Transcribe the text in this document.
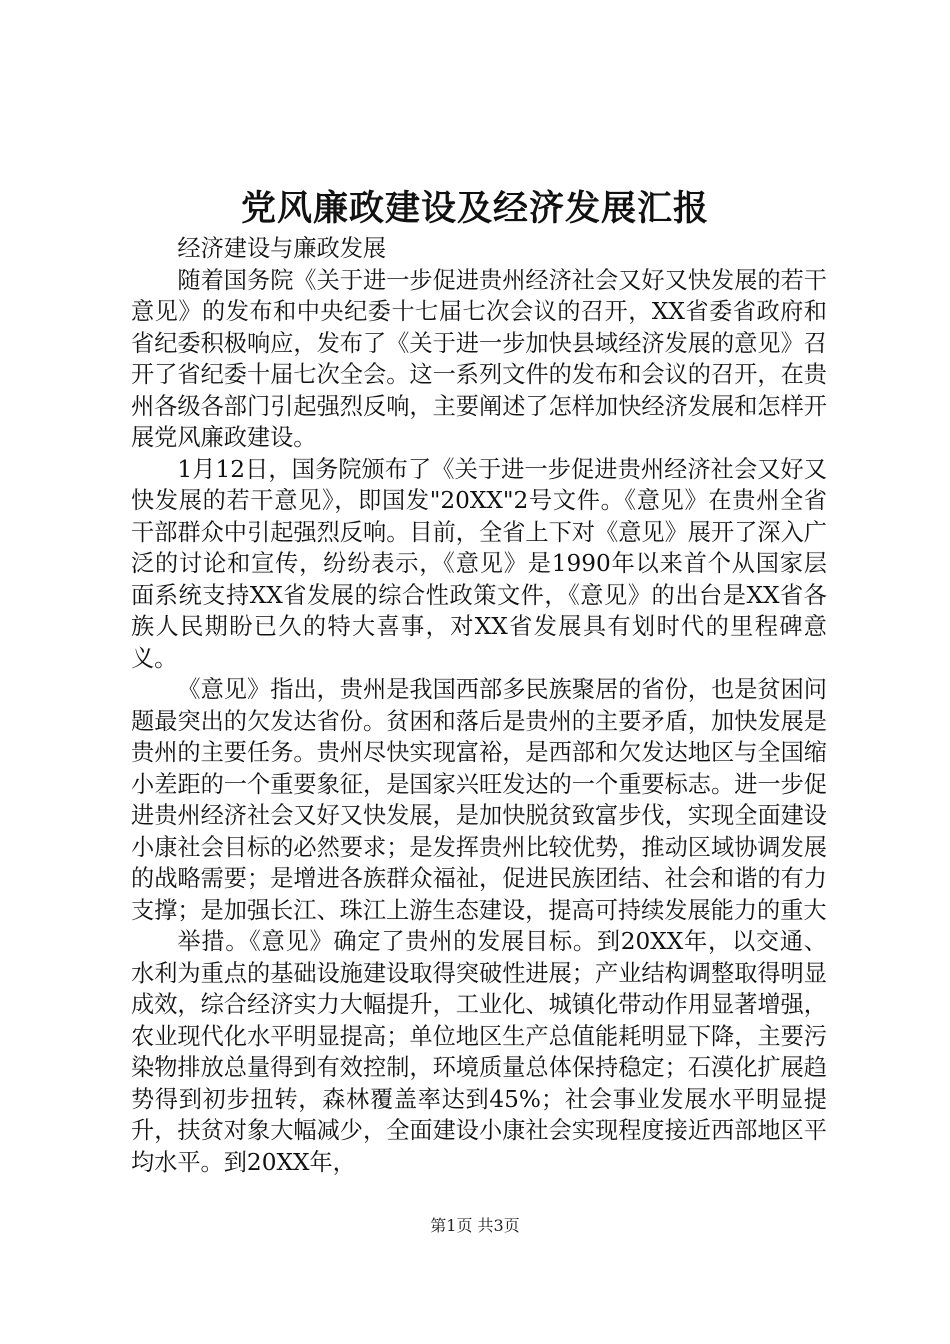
党风廉政建设及经济发展汇报

经济建设与廉政发展

随着国务院《关于进一步促进贵州经济社会又好又快发展的若干意见》的发布和中央纪委十七届七次会议的召开，XX省委省政府和省纪委积极响应，发布了《关于进一步加快县域经济发展的意见》召开了省纪委十届七次全会。这一系列文件的发布和会议的召开，在贵州各级各部门引起强烈反响，主要阐述了怎样加快经济发展和怎样开展党风廉政建设。

1月12日，国务院颁布了《关于进一步促进贵州经济社会又好又快发展的若干意见》，即国发"20XX"2号文件。《意见》在贵州全省干部群众中引起强烈反响。目前，全省上下对《意见》展开了深入广泛的讨论和宣传，纷纷表示，《意见》是1990年以来首个从国家层面系统支持XX省发展的综合性政策文件，《意见》的出台是XX省各族人民期盼已久的特大喜事，对XX省发展具有划时代的里程碑意义。

《意见》指出，贵州是我国西部多民族聚居的省份，也是贫困问题最突出的欠发达省份。贫困和落后是贵州的主要矛盾，加快发展是贵州的主要任务。贵州尽快实现富裕，是西部和欠发达地区与全国缩小差距的一个重要象征，是国家兴旺发达的一个重要标志。进一步促进贵州经济社会又好又快发展，是加快脱贫致富步伐，实现全面建设小康社会目标的必然要求；是发挥贵州比较优势，推动区域协调发展的战略需要；是增进各族群众福祉，促进民族团结、社会和谐的有力支撑；是加强长江、珠江上游生态建设，提高可持续发展能力的重大

举措。《意见》确定了贵州的发展目标。到20XX年，以交通、水利为重点的基础设施建设取得突破性进展；产业结构调整取得明显成效，综合经济实力大幅提升，工业化、城镇化带动作用显著增强，农业现代化水平明显提高；单位地区生产总值能耗明显下降，主要污染物排放总量得到有效控制，环境质量总体保持稳定；石漠化扩展趋势得到初步扭转，森林覆盖率达到45%；社会事业发展水平明显提升，扶贫对象大幅减少，全面建设小康社会实现程度接近西部地区平均水平。到20XX年，

第1页 共3页
